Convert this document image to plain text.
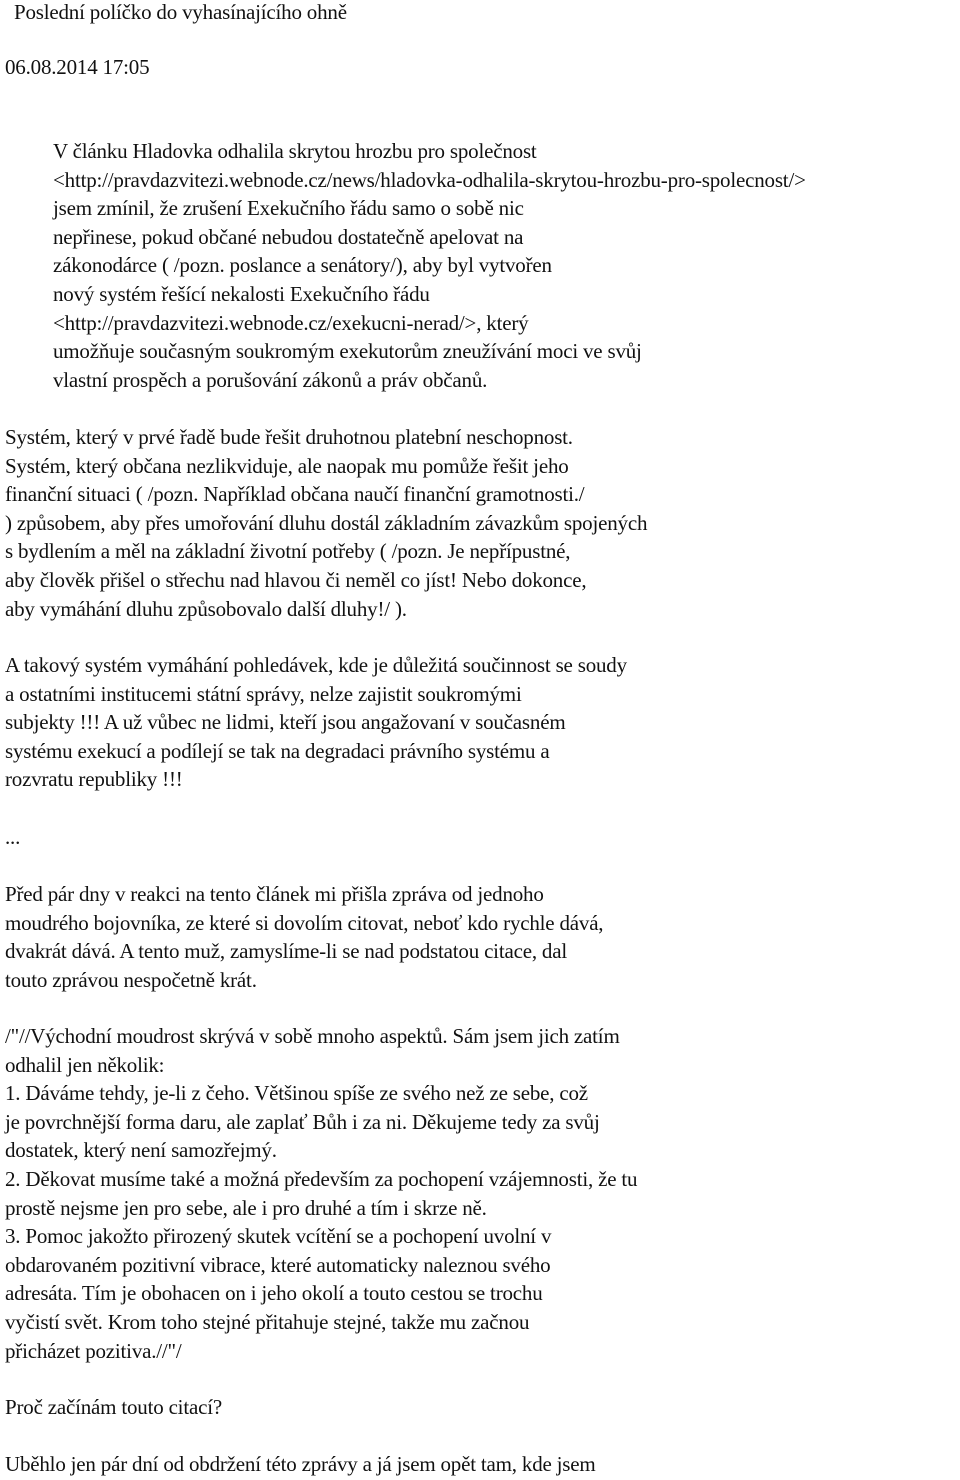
Poslední políčko do vyhasínajícího ohně
06.08.2014 17:05
V článku Hladovka odhalila skrytou hrozbu pro společnost
<http://pravdazvitezi.webnode.cz/news/hladovka-odhalila-skrytou-hrozbu-pro-spolecnost/>
jsem zmínil, že zrušení Exekučního řádu samo o sobě nic
nepřinese, pokud občané nebudou dostatečně apelovat na
zákonodárce ( /pozn. poslance a senátory/), aby byl vytvořen
nový systém řešící nekalosti Exekučního řádu
<http://pravdazvitezi.webnode.cz/exekucni-nerad/>, který
umožňuje současným soukromým exekutorům zneužívání moci ve svůj
vlastní prospěch a porušování zákonů a práv občanů.
Systém, který v prvé řadě bude řešit druhotnou platební neschopnost.
Systém, který občana nezlikviduje, ale naopak mu pomůže řešit jeho
finanční situaci ( /pozn. Například občana naučí finanční gramotnosti./
) způsobem, aby přes umořování dluhu dostál základním závazkům spojených
s bydlením a měl na základní životní potřeby ( /pozn. Je nepřípustné,
aby člověk přišel o střechu nad hlavou či neměl co jíst! Nebo dokonce,
aby vymáhání dluhu způsobovalo další dluhy!/ ).
A takový systém vymáhání pohledávek, kde je důležitá součinnost se soudy
a ostatními institucemi státní správy, nelze zajistit soukromými
subjekty !!! A už vůbec ne lidmi, kteří jsou angažovaní v současném
systému exekucí a podílejí se tak na degradaci právního systému a
rozvratu republiky !!!
...
Před pár dny v reakci na tento článek mi přišla zpráva od jednoho
moudrého bojovníka, ze které si dovolím citovat, neboť kdo rychle dává,
dvakrát dává. A tento muž, zamyslíme-li se nad podstatou citace, dal
touto zprávou nespočetně krát.
/"//Východní moudrost skrývá v sobě mnoho aspektů. Sám jsem jich zatím
odhalil jen několik:
1. Dáváme tehdy, je-li z čeho. Většinou spíše ze svého než ze sebe, což
je povrchnější forma daru, ale zaplať Bůh i za ni. Děkujeme tedy za svůj
dostatek, který není samozřejmý.
2. Děkovat musíme také a možná především za pochopení vzájemnosti, že tu
prostě nejsme jen pro sebe, ale i pro druhé a tím i skrze ně.
3. Pomoc jakožto přirozený skutek vcítění se a pochopení uvolní v
obdarovaném pozitivní vibrace, které automaticky naleznou svého
adresáta. Tím je obohacen on i jeho okolí a touto cestou se trochu
vyčistí svět. Krom toho stejné přitahuje stejné, takže mu začnou
přicházet pozitiva.//"/
Proč začínám touto citací?
Uběhlo jen pár dní od obdržení této zprávy a já jsem opět tam, kde jsem
